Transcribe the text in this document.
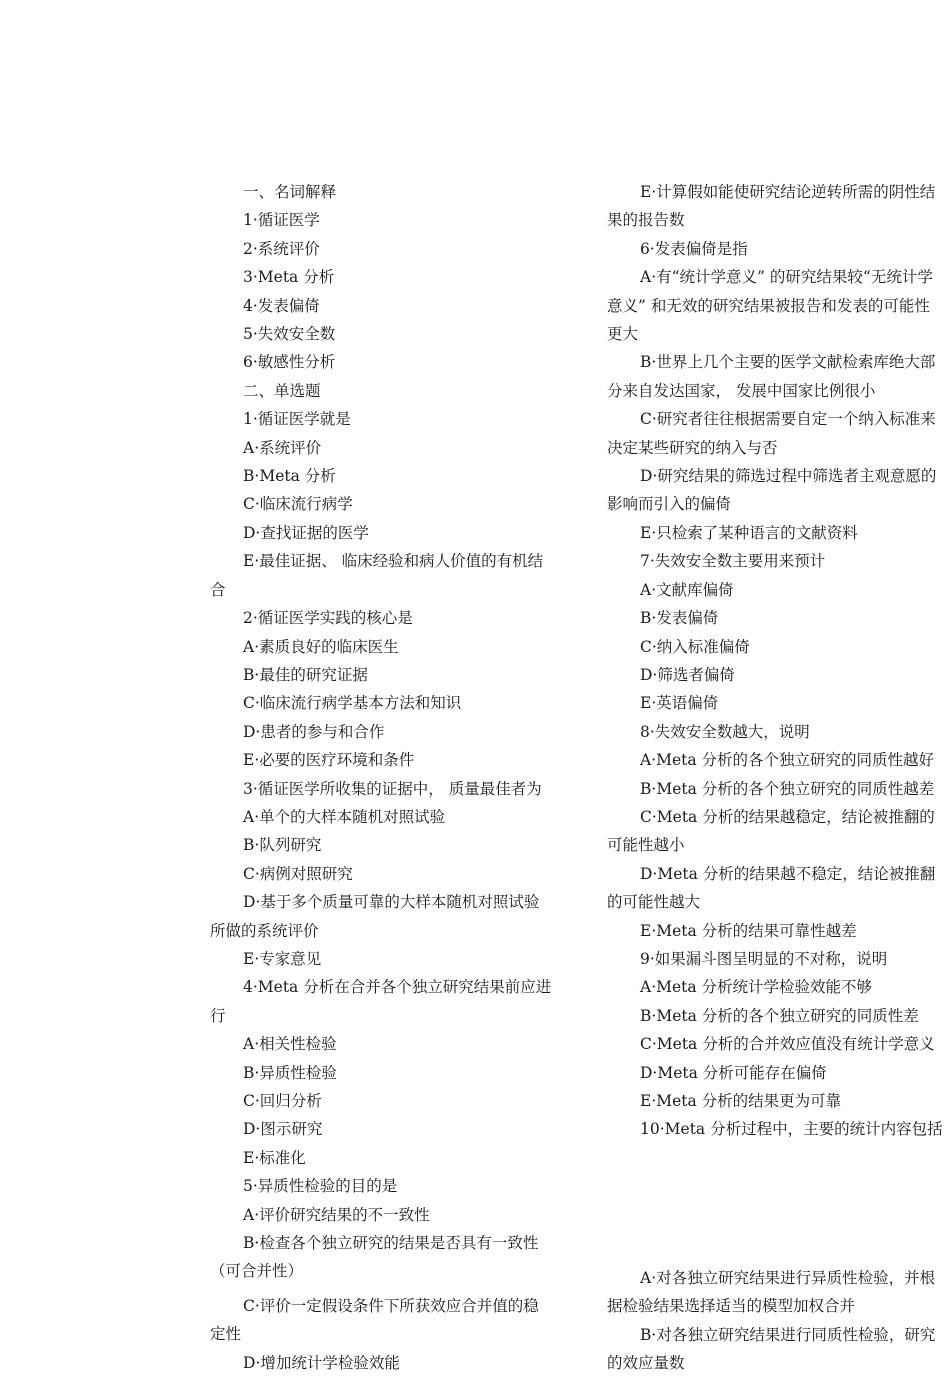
一、名词解释

1·循证医学

2·系统评价

3·Meta 分析

4·发表偏倚

5·失效安全数

6·敏感性分析

二、单选题

1·循证医学就是

A·系统评价

B·Meta 分析

C·临床流行病学

D·查找证据的医学

E·最佳证据、 临床经验和病人价值的有机结合

2·循证医学实践的核心是

A·素质良好的临床医生

B·最佳的研究证据

C·临床流行病学基本方法和知识

D·患者的参与和合作

E·必要的医疗环境和条件

3·循证医学所收集的证据中， 质量最佳者为

A·单个的大样本随机对照试验

B·队列研究

C·病例对照研究

D·基于多个质量可靠的大样本随机对照试验所做的系统评价

E·专家意见

4·Meta 分析在合并各个独立研究结果前应进行

A·相关性检验

B·异质性检验

C·回归分析

D·图示研究

E·标准化

5·异质性检验的目的是

A·评价研究结果的不一致性

B·检查各个独立研究的结果是否具有一致性（可合并性）

E·计算假如能使研究结论逆转所需的阴性结果的报告数

6·发表偏倚是指

A·有“统计学意义” 的研究结果较“无统计学意义” 和无效的研究结果被报告和发表的可能性更大

B·世界上几个主要的医学文献检索库绝大部分来自发达国家， 发展中国家比例很小

C·研究者往往根据需要自定一个纳入标准来决定某些研究的纳入与否

D·研究结果的筛选过程中筛选者主观意愿的影响而引入的偏倚

E·只检索了某种语言的文献资料

7·失效安全数主要用来预计

A·文献库偏倚

B·发表偏倚

C·纳入标准偏倚

D·筛选者偏倚

E·英语偏倚

8·失效安全数越大，说明

A·Meta 分析的各个独立研究的同质性越好

B·Meta 分析的各个独立研究的同质性越差

C·Meta 分析的结果越稳定，结论被推翻的可能性越小

D·Meta 分析的结果越不稳定，结论被推翻的可能性越大

E·Meta 分析的结果可靠性越差

9·如果漏斗图呈明显的不对称，说明

A·Meta 分析统计学检验效能不够

B·Meta 分析的各个独立研究的同质性差

C·Meta 分析的合并效应值没有统计学意义

D·Meta 分析可能存在偏倚

E·Meta 分析的结果更为可靠

10·Meta 分析过程中，主要的统计内容包括

C·评价一定假设条件下所获效应合并值的稳定性

D·增加统计学检验效能

A·对各独立研究结果进行异质性检验，并根据检验结果选择适当的模型加权合并

B·对各独立研究结果进行同质性检验，研究的效应量数
